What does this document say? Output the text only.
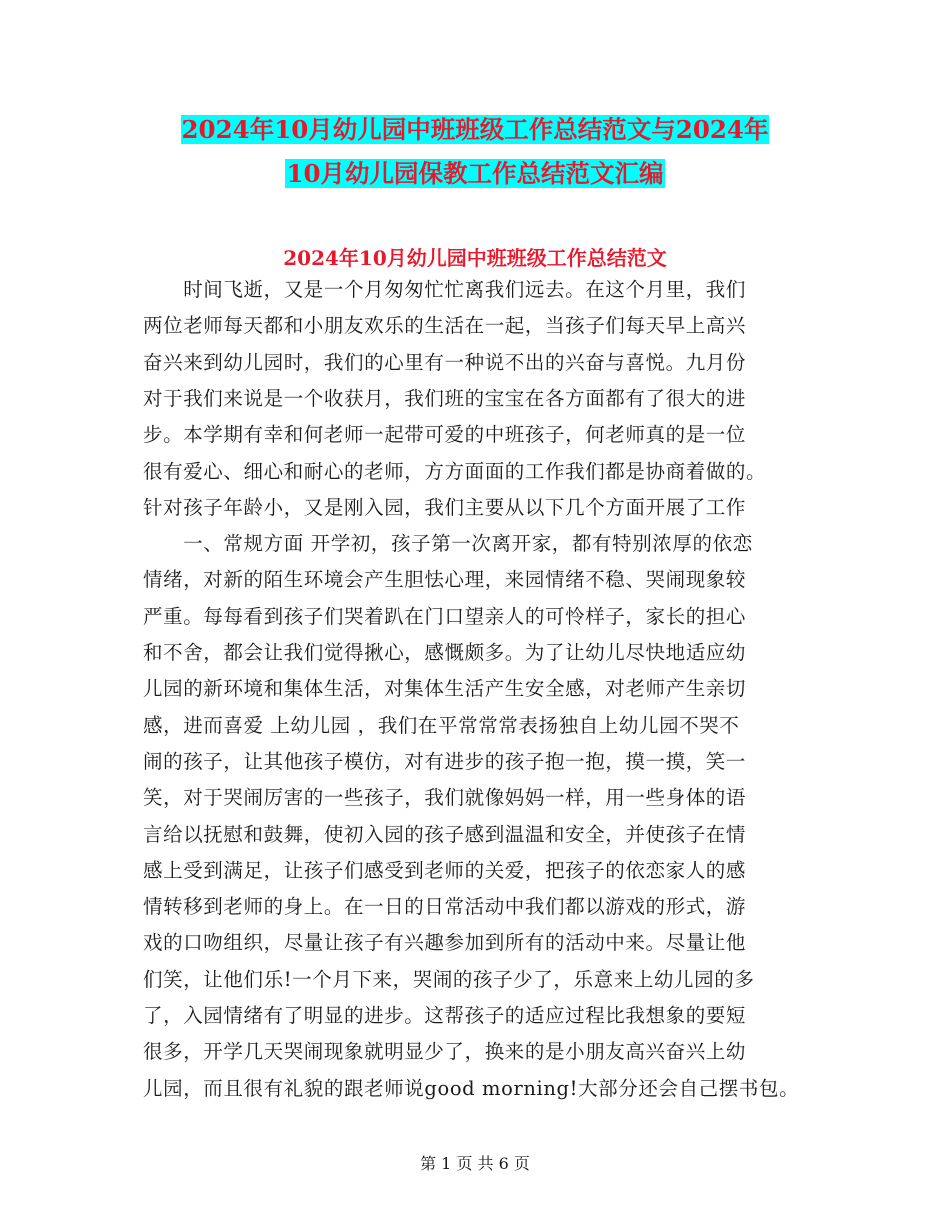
2024年10月幼儿园中班班级工作总结范文与2024年
10月幼儿园保教工作总结范文汇编
2024年10月幼儿园中班班级工作总结范文
　　时间飞逝，又是一个月匆匆忙忙离我们远去。在这个月里，我们
两位老师每天都和小朋友欢乐的生活在一起，当孩子们每天早上高兴
奋兴来到幼儿园时，我们的心里有一种说不出的兴奋与喜悦。九月份
对于我们来说是一个收获月，我们班的宝宝在各方面都有了很大的进
步。本学期有幸和何老师一起带可爱的中班孩子，何老师真的是一位
很有爱心、细心和耐心的老师，方方面面的工作我们都是协商着做的。
针对孩子年龄小，又是刚入园，我们主要从以下几个方面开展了工作
　　一、常规方面 开学初，孩子第一次离开家，都有特别浓厚的依恋
情绪，对新的陌生环境会产生胆怯心理，来园情绪不稳、哭闹现象较
严重。每每看到孩子们哭着趴在门口望亲人的可怜样子，家长的担心
和不舍，都会让我们觉得揪心，感慨颇多。为了让幼儿尽快地适应幼
儿园的新环境和集体生活，对集体生活产生安全感，对老师产生亲切
感，进而喜爱 上幼儿园 ，我们在平常常常表扬独自上幼儿园不哭不
闹的孩子，让其他孩子模仿，对有进步的孩子抱一抱，摸一摸，笑一
笑，对于哭闹厉害的一些孩子，我们就像妈妈一样，用一些身体的语
言给以抚慰和鼓舞，使初入园的孩子感到温温和安全，并使孩子在情
感上受到满足，让孩子们感受到老师的关爱，把孩子的依恋家人的感
情转移到老师的身上。在一日的日常活动中我们都以游戏的形式，游
戏的口吻组织，尽量让孩子有兴趣参加到所有的活动中来。尽量让他
们笑，让他们乐!一个月下来，哭闹的孩子少了，乐意来上幼儿园的多
了，入园情绪有了明显的进步。这帮孩子的适应过程比我想象的要短
很多，开学几天哭闹现象就明显少了，换来的是小朋友高兴奋兴上幼
儿园，而且很有礼貌的跟老师说good morning!大部分还会自己摆书包。
第 1 页 共 6 页
